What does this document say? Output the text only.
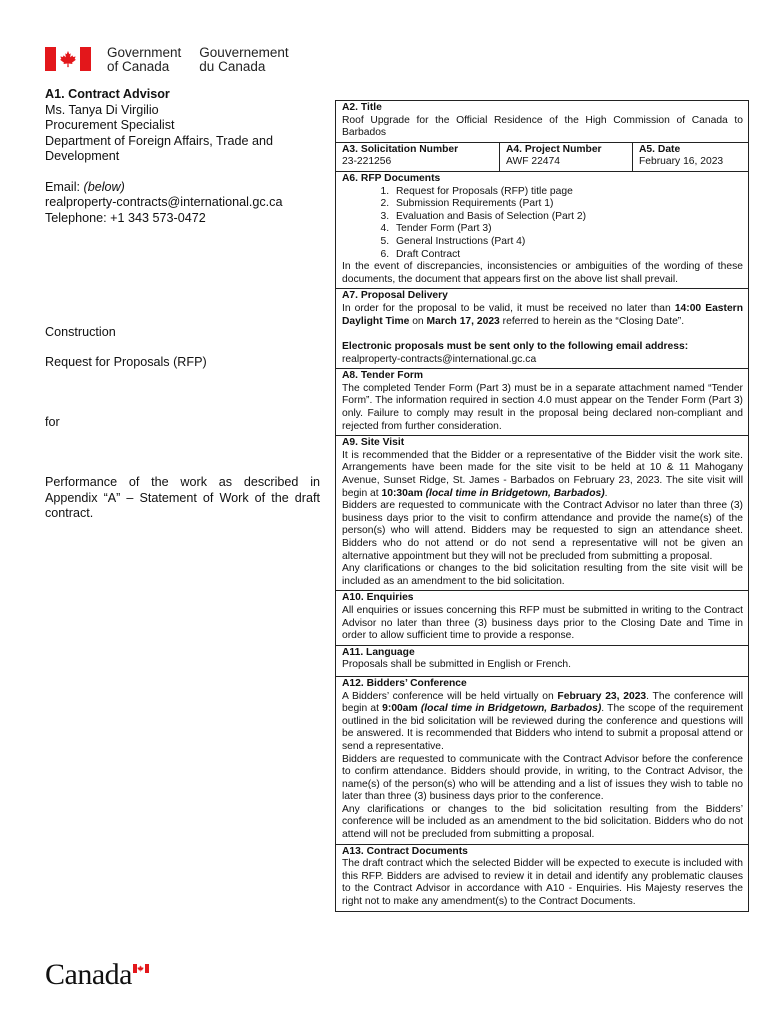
Government
of Canada
Gouvernement
du Canada
A1. Contract Advisor
Ms. Tanya Di Virgilio
Procurement Specialist
Department of Foreign Affairs, Trade and Development
Email: (below)
realproperty-contracts@international.gc.ca
Telephone: +1 343 573-0472
Construction
Request for Proposals (RFP)
for
Performance of the work as described in Appendix “A” – Statement of Work of the draft contract.
A2. Title

Roof Upgrade for the Official Residence of the High Commission of Canada to Barbados

A3. Solicitation Number
23-221256
A4. Project Number
AWF 22474
A5. Date
February 16, 2023
A6. RFP Documents
1. Request for Proposals (RFP) title page
2. Submission Requirements (Part 1)
3. Evaluation and Basis of Selection (Part 2)
4. Tender Form (Part 3)
5. General Instructions (Part 4)
6. Draft Contract

In the event of discrepancies, inconsistencies or ambiguities of the wording of these documents, the document that appears first on the above list shall prevail.

A7. Proposal Delivery

In order for the proposal to be valid, it must be received no later than 14:00 Eastern Daylight Time on March 17, 2023 referred to herein as the “Closing Date”.

Electronic proposals must be sent only to the following email address:
realproperty-contracts@international.gc.ca
A8. Tender Form

The completed Tender Form (Part 3) must be in a separate attachment named “Tender Form”. The information required in section 4.0 must appear on the Tender Form (Part 3) only. Failure to comply may result in the proposal being declared non-compliant and rejected from further consideration.

A9. Site Visit

It is recommended that the Bidder or a representative of the Bidder visit the work site. Arrangements have been made for the site visit to be held at 10 & 11 Mahogany Avenue, Sunset Ridge, St. James - Barbados on February 23, 2023. The site visit will begin at 10:30am (local time in Bridgetown, Barbados).

Bidders are requested to communicate with the Contract Advisor no later than three (3) business days prior to the visit to confirm attendance and provide the name(s) of the person(s) who will attend. Bidders may be requested to sign an attendance sheet. Bidders who do not attend or do not send a representative will not be given an alternative appointment but they will not be precluded from submitting a proposal.

Any clarifications or changes to the bid solicitation resulting from the site visit will be included as an amendment to the bid solicitation.

A10. Enquiries

All enquiries or issues concerning this RFP must be submitted in writing to the Contract Advisor no later than three (3) business days prior to the Closing Date and Time in order to allow sufficient time to provide a response.

A11. Language

Proposals shall be submitted in English or French.

A12. Bidders’ Conference

A Bidders’ conference will be held virtually on February 23, 2023. The conference will begin at 9:00am (local time in Bridgetown, Barbados). The scope of the requirement outlined in the bid solicitation will be reviewed during the conference and questions will be answered. It is recommended that Bidders who intend to submit a proposal attend or send a representative.

Bidders are requested to communicate with the Contract Advisor before the conference to confirm attendance. Bidders should provide, in writing, to the Contract Advisor, the name(s) of the person(s) who will be attending and a list of issues they wish to table no later than three (3) business days prior to the conference.

Any clarifications or changes to the bid solicitation resulting from the Bidders’ conference will be included as an amendment to the bid solicitation. Bidders who do not attend will not be precluded from submitting a proposal.

A13. Contract Documents

The draft contract which the selected Bidder will be expected to execute is included with this RFP. Bidders are advised to review it in detail and identify any problematic clauses to the Contract Advisor in accordance with A10 - Enquiries. His Majesty reserves the right not to make any amendment(s) to the Contract Documents.

Canada
